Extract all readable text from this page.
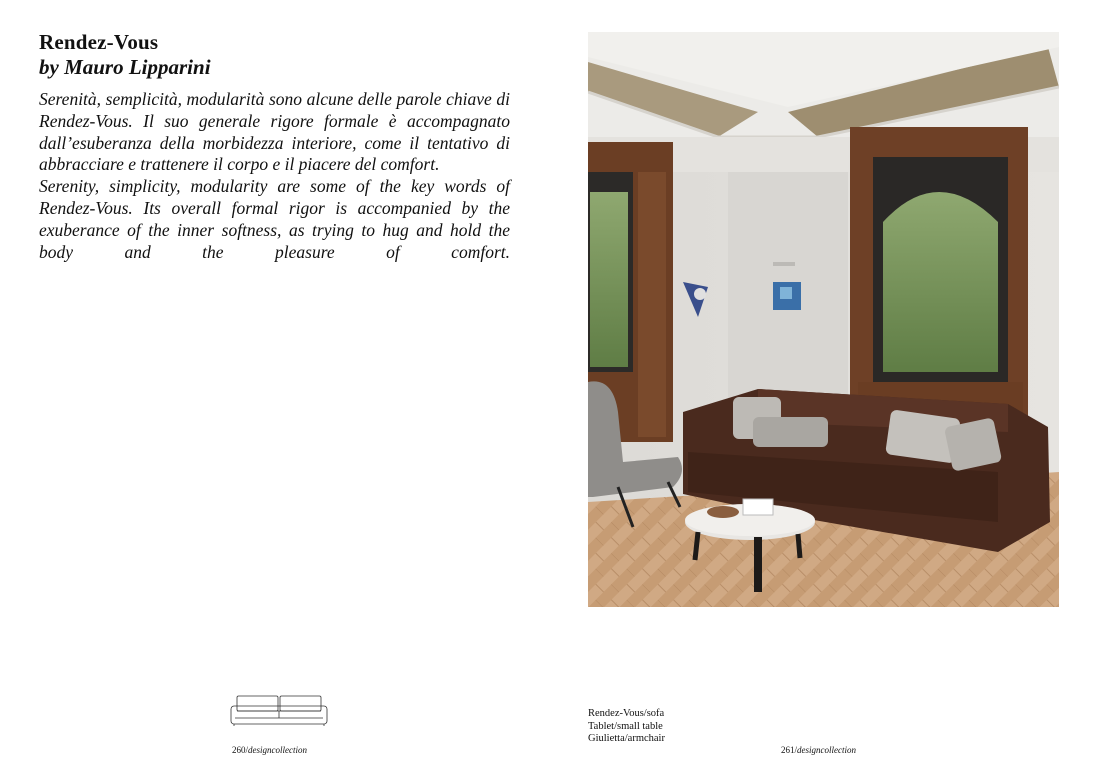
Rendez-Vous
by Mauro Lipparini

Serenità, semplicità, modularità sono alcune delle parole chiave di Rendez-Vous. Il suo generale rigore formale è accompagnato dall’esuberanza della morbidezza interiore, come il tentativo di abbracciare e trattenere il corpo e il piacere del comfort.

Serenity, simplicity, modularity are some of the key words of Rendez-Vous. Its overall formal rigor is accompanied by the exuberance of the inner softness, as trying to hug and hold the body and the pleasure of comfort.

260/designcollection
Rendez-Vous/sofa
Tablet/small table
Giulietta/armchair
261/designcollection
